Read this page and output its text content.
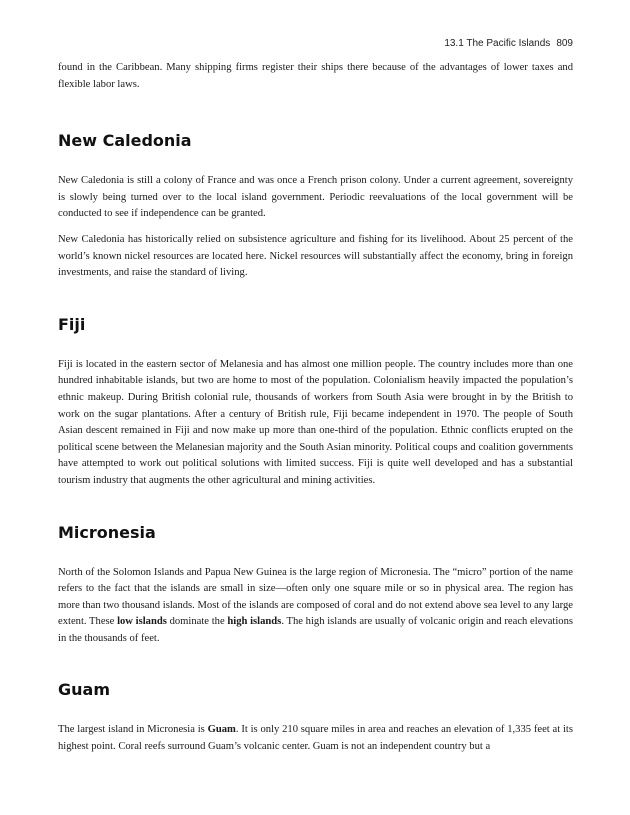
13.1 The Pacific Islands 809

found in the Caribbean. Many shipping firms register their ships there because of the advantages of lower taxes and flexible labor laws.

New Caledonia

New Caledonia is still a colony of France and was once a French prison colony. Under a current agreement, sovereignty is slowly being turned over to the local island government. Periodic reevaluations of the local government will be conducted to see if independence can be granted.

New Caledonia has historically relied on subsistence agriculture and fishing for its livelihood. About 25 percent of the world’s known nickel resources are located here. Nickel resources will substantially affect the economy, bring in foreign investments, and raise the standard of living.

Fiji

Fiji is located in the eastern sector of Melanesia and has almost one million people. The country includes more than one hundred inhabitable islands, but two are home to most of the population. Colonialism heavily impacted the population’s ethnic makeup. During British colonial rule, thousands of workers from South Asia were brought in by the British to work on the sugar plantations. After a century of British rule, Fiji became independent in 1970. The people of South Asian descent remained in Fiji and now make up more than one-third of the population. Ethnic conflicts erupted on the political scene between the Melanesian majority and the South Asian minority. Political coups and coalition governments have attempted to work out political solutions with limited success. Fiji is quite well developed and has a substantial tourism industry that augments the other agricultural and mining activities.

Micronesia

North of the Solomon Islands and Papua New Guinea is the large region of Micronesia. The “micro” portion of the name refers to the fact that the islands are small in size—often only one square mile or so in physical area. The region has more than two thousand islands. Most of the islands are composed of coral and do not extend above sea level to any large extent. These low islands dominate the high islands. The high islands are usually of volcanic origin and reach elevations in the thousands of feet.

Guam

The largest island in Micronesia is Guam. It is only 210 square miles in area and reaches an elevation of 1,335 feet at its highest point. Coral reefs surround Guam’s volcanic center. Guam is not an independent country but a
